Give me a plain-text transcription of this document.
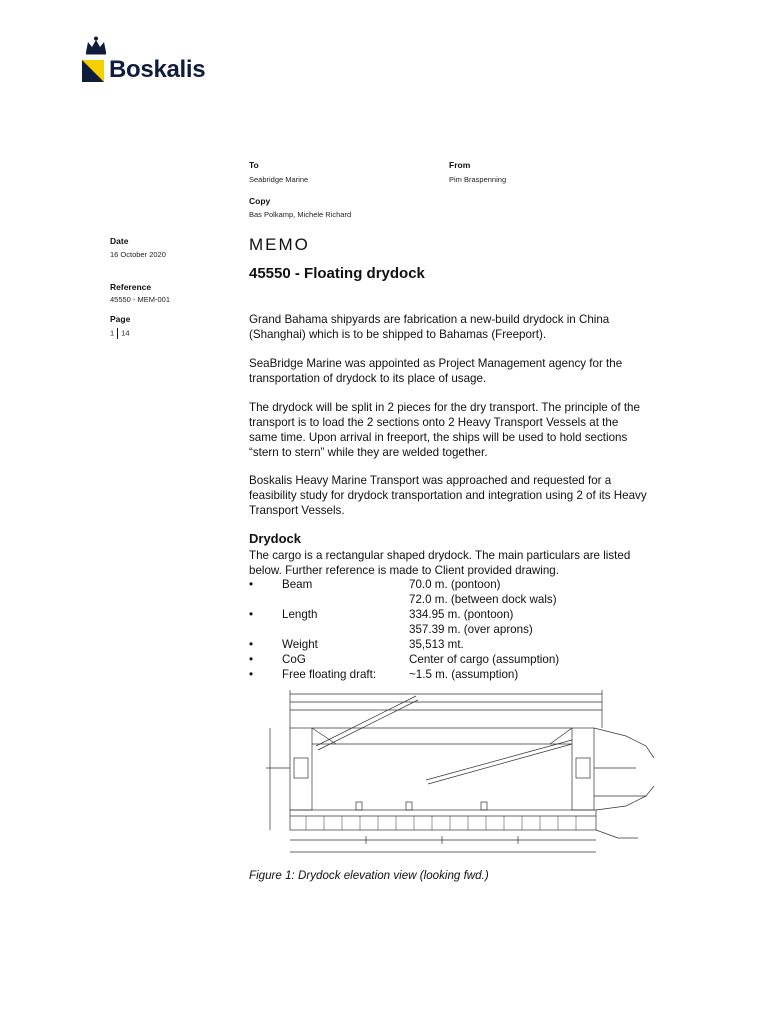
Boskalis
To
Seabridge Marine
From
Pim Braspenning
Copy
Bas Polkamp, Michele Richard
Date
16 October 2020
Reference
45550 - MEM-001
Page
1 14
MEMO
45550 - Floating drydock
Grand Bahama shipyards are fabrication a new-build drydock in China (Shanghai) which is to be shipped to Bahamas (Freeport).
SeaBridge Marine was appointed as Project Management agency for the transportation of drydock to its place of usage.
The drydock will be split in 2 pieces for the dry transport. The principle of the transport is to load the 2 sections onto 2 Heavy Transport Vessels at the same time. Upon arrival in freeport, the ships will be used to hold sections “stern to stern” while they are welded together.
Boskalis Heavy Marine Transport was approached and requested for a feasibility study for drydock transportation and integration using 2 of its Heavy Transport Vessels.
Drydock
The cargo is a rectangular shaped drydock. The main particulars are listed below. Further reference is made to Client provided drawing.
• Beam	70.0 m. (pontoon)
72.0 m. (between dock wals)
• Length	334.95 m. (pontoon)
357.39 m. (over aprons)
• Weight	35,513 mt.
• CoG	Center of cargo (assumption)
• Free floating draft:	~1.5 m. (assumption)
Figure 1: Drydock elevation view (looking fwd.)
